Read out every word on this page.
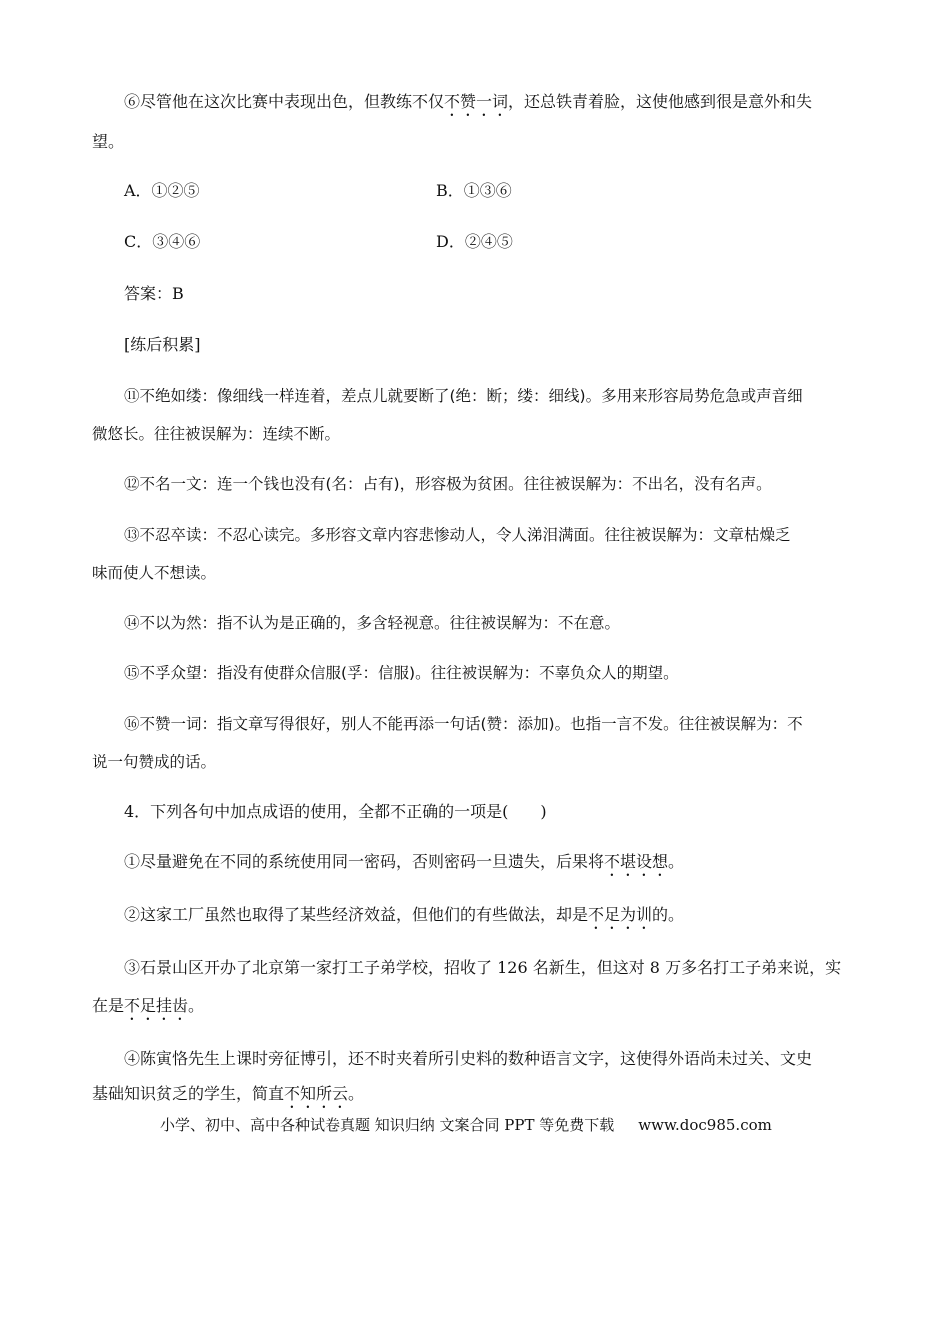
⑥尽管他在这次比赛中表现出色，但教练不仅不赞一词，还总铁青着脸，这使他感到很是意外和失
望。
A．①②⑤	B．①③⑥
C．③④⑥	D．②④⑤
答案：B
[练后积累]
⑪不绝如缕：像细线一样连着，差点儿就要断了(绝：断；缕：细线)。多用来形容局势危急或声音细
微悠长。往往被误解为：连续不断。
⑫不名一文：连一个钱也没有(名：占有)，形容极为贫困。往往被误解为：不出名，没有名声。
⑬不忍卒读：不忍心读完。多形容文章内容悲惨动人，令人涕泪满面。往往被误解为：文章枯燥乏
味而使人不想读。
⑭不以为然：指不认为是正确的，多含轻视意。往往被误解为：不在意。
⑮不孚众望：指没有使群众信服(孚：信服)。往往被误解为：不辜负众人的期望。
⑯不赞一词：指文章写得很好，别人不能再添一句话(赞：添加)。也指一言不发。往往被误解为：不
说一句赞成的话。
4．下列各句中加点成语的使用，全都不正确的一项是(　　)
①尽量避免在不同的系统使用同一密码，否则密码一旦遗失，后果将不堪设想。
②这家工厂虽然也取得了某些经济效益，但他们的有些做法，却是不足为训的。
③石景山区开办了北京第一家打工子弟学校，招收了 126 名新生，但这对 8 万多名打工子弟来说，实
在是不足挂齿。
④陈寅恪先生上课时旁征博引，还不时夹着所引史料的数种语言文字，这使得外语尚未过关、文史
基础知识贫乏的学生，简直不知所云。
小学、初中、高中各种试卷真题 知识归纳 文案合同 PPT 等免费下载 www.doc985.com
